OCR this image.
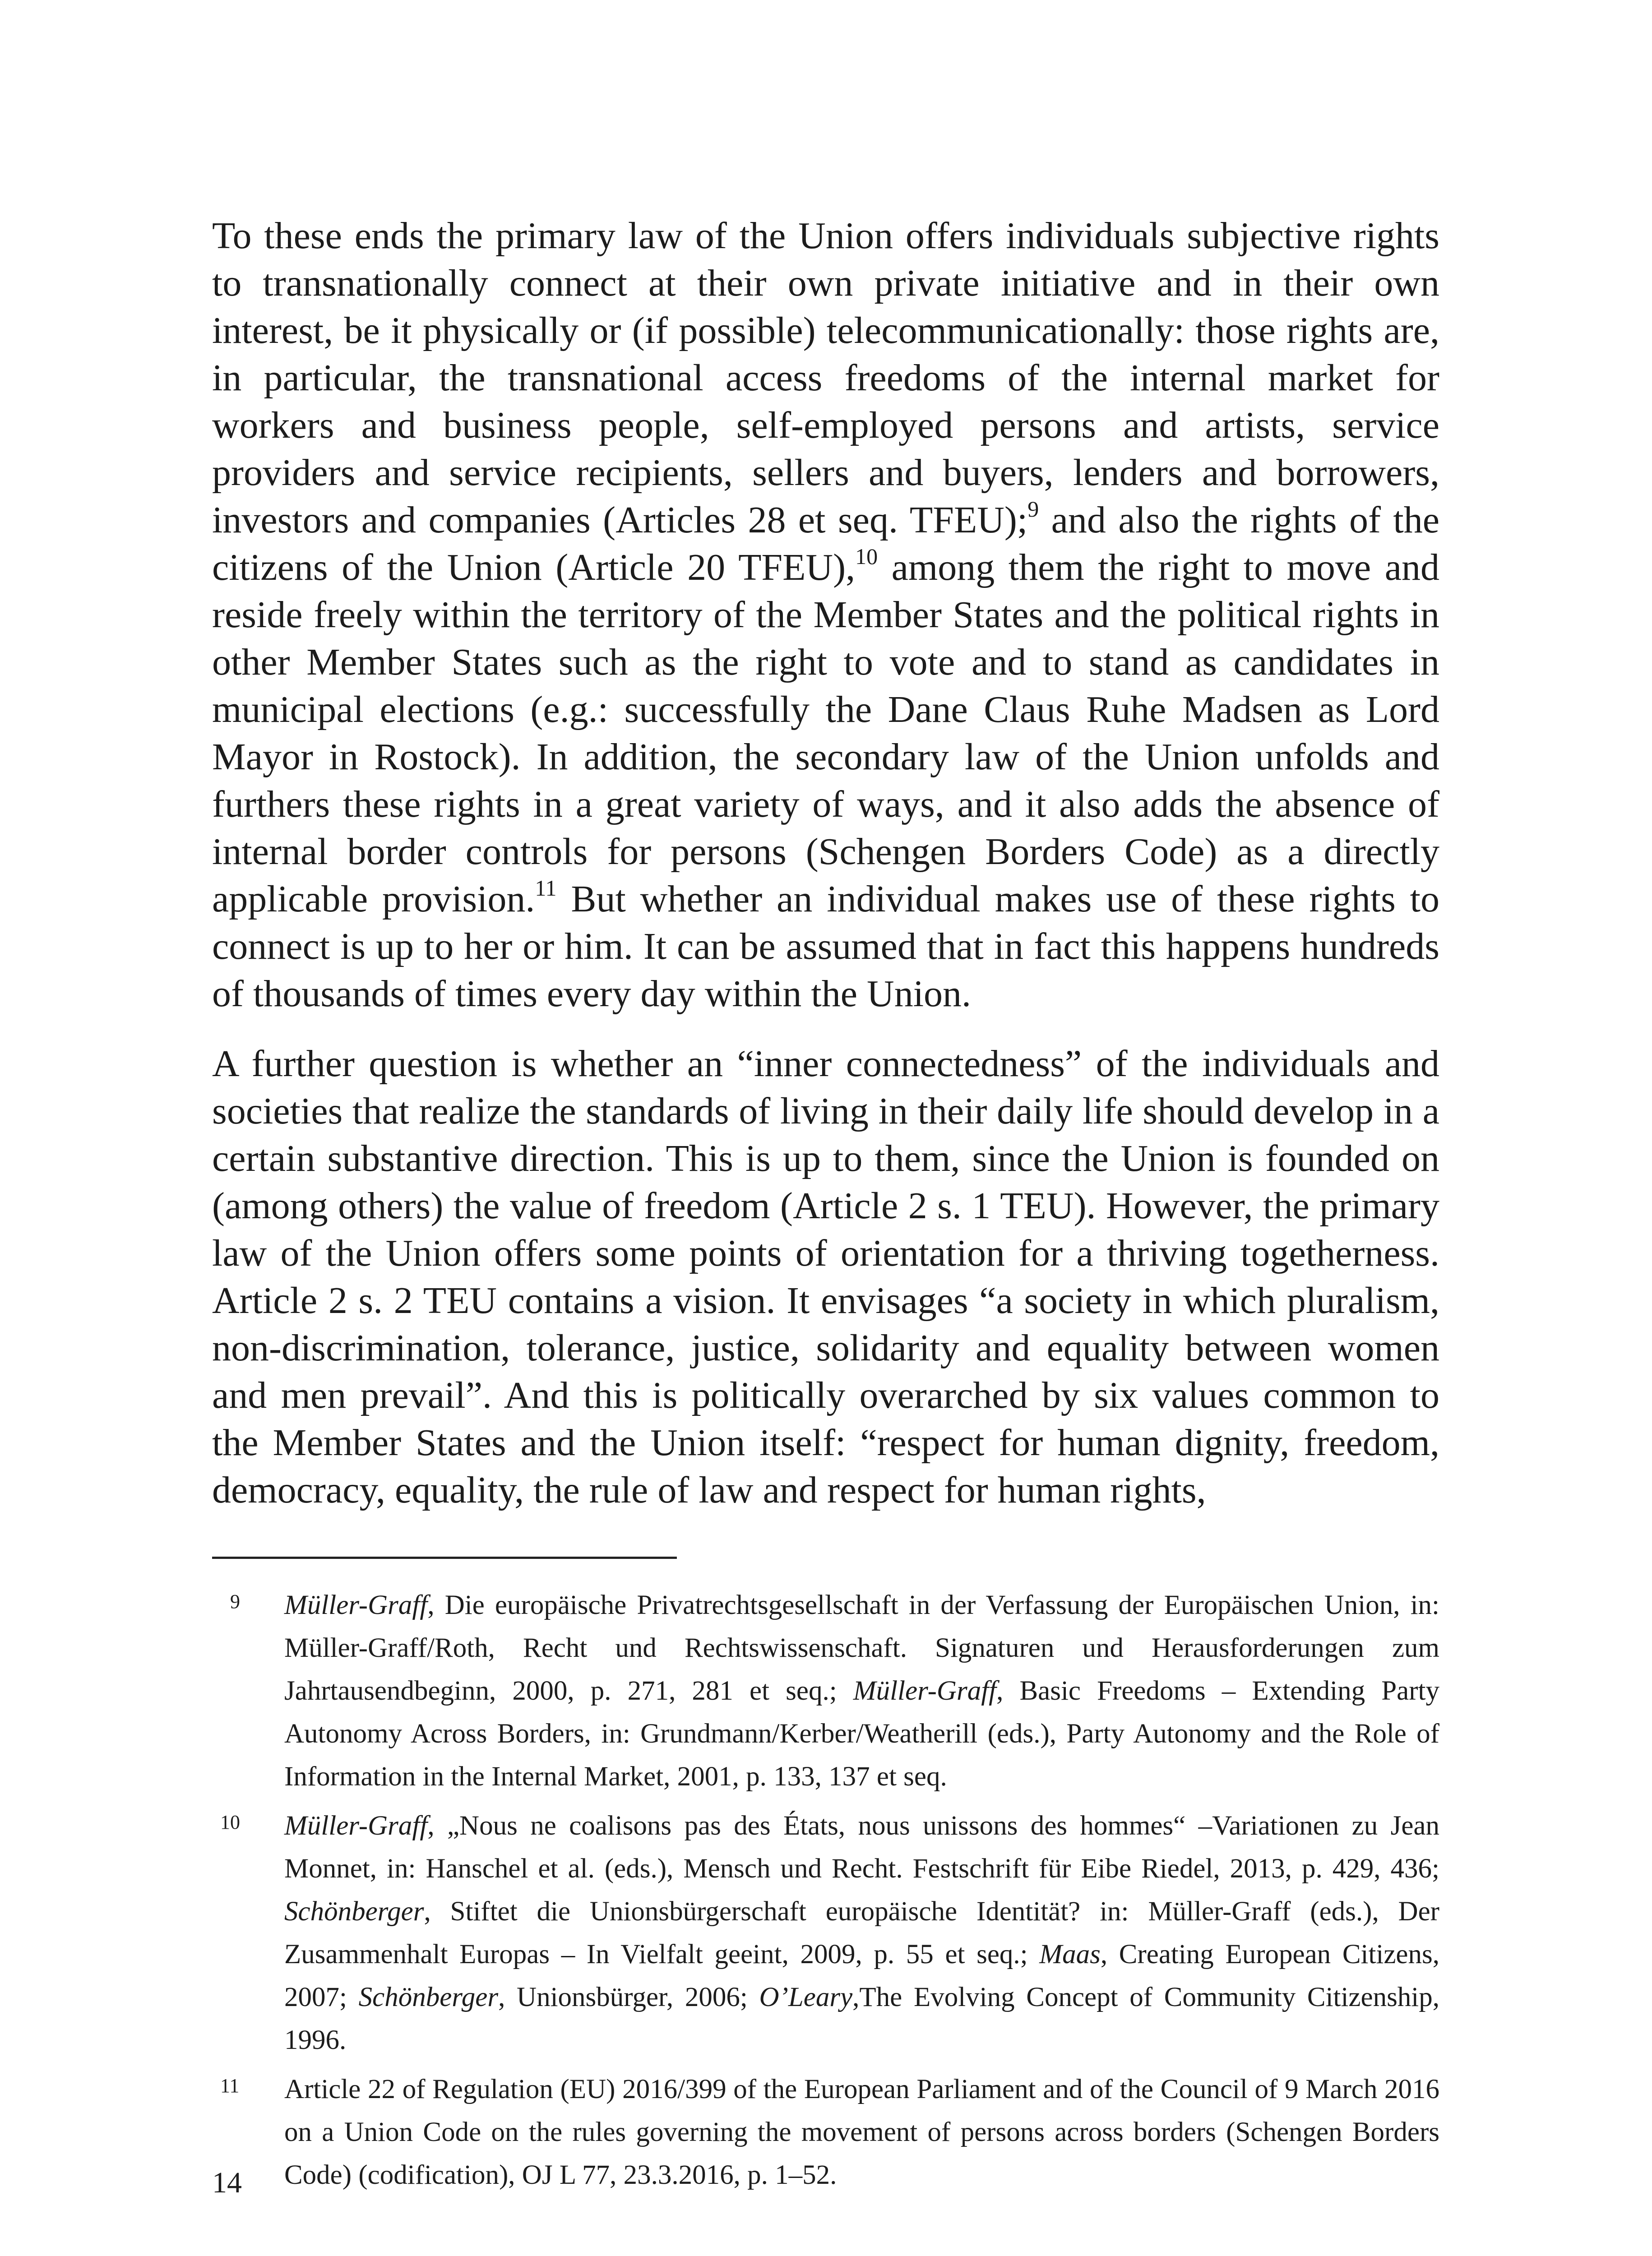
To these ends the primary law of the Union offers individuals subjective rights to transnationally connect at their own private initiative and in their own interest, be it physically or (if possible) telecommunicationally: those rights are, in particular, the transnational access freedoms of the internal market for workers and business people, self-employed persons and artists, service providers and service recipients, sellers and buyers, lenders and borrowers, investors and companies (Articles 28 et seq. TFEU);$^9$ and also the rights of the citizens of the Union (Article 20 TFEU),$^{10}$ among them the right to move and reside freely within the territory of the Member States and the political rights in other Member States such as the right to vote and to stand as candidates in municipal elections (e.g.: successfully the Dane Claus Ruhe Madsen as Lord Mayor in Rostock). In addition, the secondary law of the Union unfolds and furthers these rights in a great variety of ways, and it also adds the absence of internal border controls for persons (Schengen Borders Code) as a directly applicable provision.$^{11}$ But whether an individual makes use of these rights to connect is up to her or him. It can be assumed that in fact this happens hundreds of thousands of times every day within the Union.

A further question is whether an “inner connectedness” of the individuals and societies that realize the standards of living in their daily life should develop in a certain substantive direction. This is up to them, since the Union is founded on (among others) the value of freedom (Article 2 s. 1 TEU). However, the primary law of the Union offers some points of orientation for a thriving togetherness. Article 2 s. 2 TEU contains a vision. It envisages “a society in which pluralism, non-discrimination, tolerance, justice, solidarity and equality between women and men prevail”. And this is politically overarched by six values common to the Member States and the Union itself: “respect for human dignity, freedom, democracy, equality, the rule of law and respect for human rights,

9 Müller-Graff, Die europäische Privatrechtsgesellschaft in der Verfassung der Europäischen Union, in: Müller-Graff/Roth, Recht und Rechtswissenschaft. Signaturen und Herausforderungen zum Jahrtausendbeginn, 2000, p. 271, 281 et seq.; Müller-Graff, Basic Freedoms – Extending Party Autonomy Across Borders, in: Grundmann/Kerber/Weatherill (eds.), Party Autonomy and the Role of Information in the Internal Market, 2001, p. 133, 137 et seq.
10 Müller-Graff, „Nous ne coalisons pas des États, nous unissons des hommes“ –Variationen zu Jean Monnet, in: Hanschel et al. (eds.), Mensch und Recht. Festschrift für Eibe Riedel, 2013, p. 429, 436; Schönberger, Stiftet die Unionsbürgerschaft europäische Identität? in: Müller-Graff (eds.), Der Zusammenhalt Europas – In Vielfalt geeint, 2009, p. 55 et seq.; Maas, Creating European Citizens, 2007; Schönberger, Unionsbürger, 2006; O’Leary,The Evolving Concept of Community Citizenship, 1996.
11 Article 22 of Regulation (EU) 2016/399 of the European Parliament and of the Council of 9 March 2016 on a Union Code on the rules governing the movement of persons across borders (Schengen Borders Code) (codification), OJ L 77, 23.3.2016, p. 1–52.
14
